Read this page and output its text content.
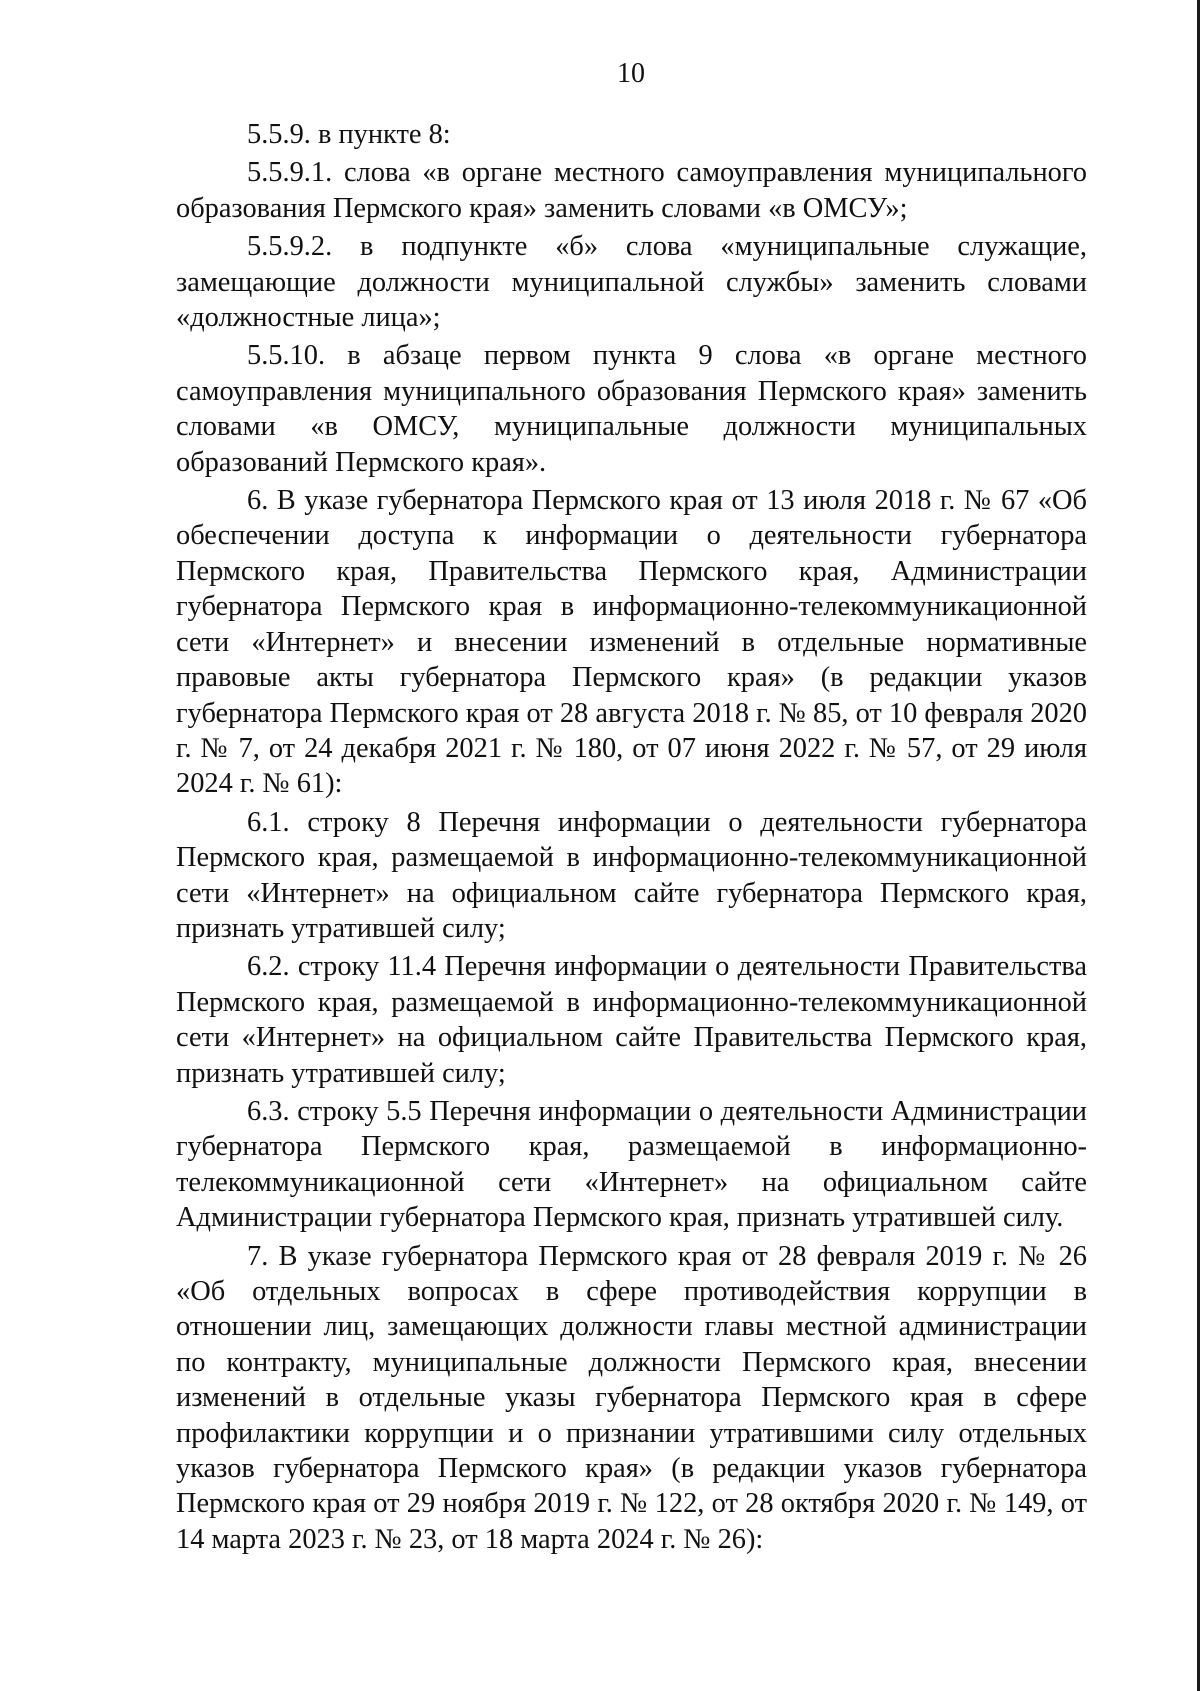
10

5.5.9. в пункте 8:

5.5.9.1. слова «в органе местного самоуправления муниципального образования Пермского края» заменить словами «в ОМСУ»;

5.5.9.2. в подпункте «б» слова «муниципальные служащие, замещающие должности муниципальной службы» заменить словами «должностные лица»;

5.5.10. в абзаце первом пункта 9 слова «в органе местного самоуправления муниципального образования Пермского края» заменить словами «в ОМСУ, муниципальные должности муниципальных образований Пермского края».

6. В указе губернатора Пермского края от 13 июля 2018 г. № 67 «Об обеспечении доступа к информации о деятельности губернатора Пермского края, Правительства Пермского края, Администрации губернатора Пермского края в информационно-телекоммуникационной сети «Интернет» и внесении изменений в отдельные нормативные правовые акты губернатора Пермского края» (в редакции указов губернатора Пермского края от 28 августа 2018 г. № 85, от 10 февраля 2020 г. № 7, от 24 декабря 2021 г. № 180, от 07 июня 2022 г. № 57, от 29 июля 2024 г. № 61):

6.1. строку 8 Перечня информации о деятельности губернатора Пермского края, размещаемой в информационно-телекоммуникационной сети «Интернет» на официальном сайте губернатора Пермского края, признать утратившей силу;

6.2. строку 11.4 Перечня информации о деятельности Правительства Пермского края, размещаемой в информационно-телекоммуникационной сети «Интернет» на официальном сайте Правительства Пермского края, признать утратившей силу;

6.3. строку 5.5 Перечня информации о деятельности Администрации губернатора Пермского края, размещаемой в информационно-телекоммуникационной сети «Интернет» на официальном сайте Администрации губернатора Пермского края, признать утратившей силу.

7. В указе губернатора Пермского края от 28 февраля 2019 г. № 26 «Об отдельных вопросах в сфере противодействия коррупции в отношении лиц, замещающих должности главы местной администрации по контракту, муниципальные должности Пермского края, внесении изменений в отдельные указы губернатора Пермского края в сфере профилактики коррупции и о признании утратившими силу отдельных указов губернатора Пермского края» (в редакции указов губернатора Пермского края от 29 ноября 2019 г. № 122, от 28 октября 2020 г. № 149, от 14 марта 2023 г. № 23, от 18 марта 2024 г. № 26):
